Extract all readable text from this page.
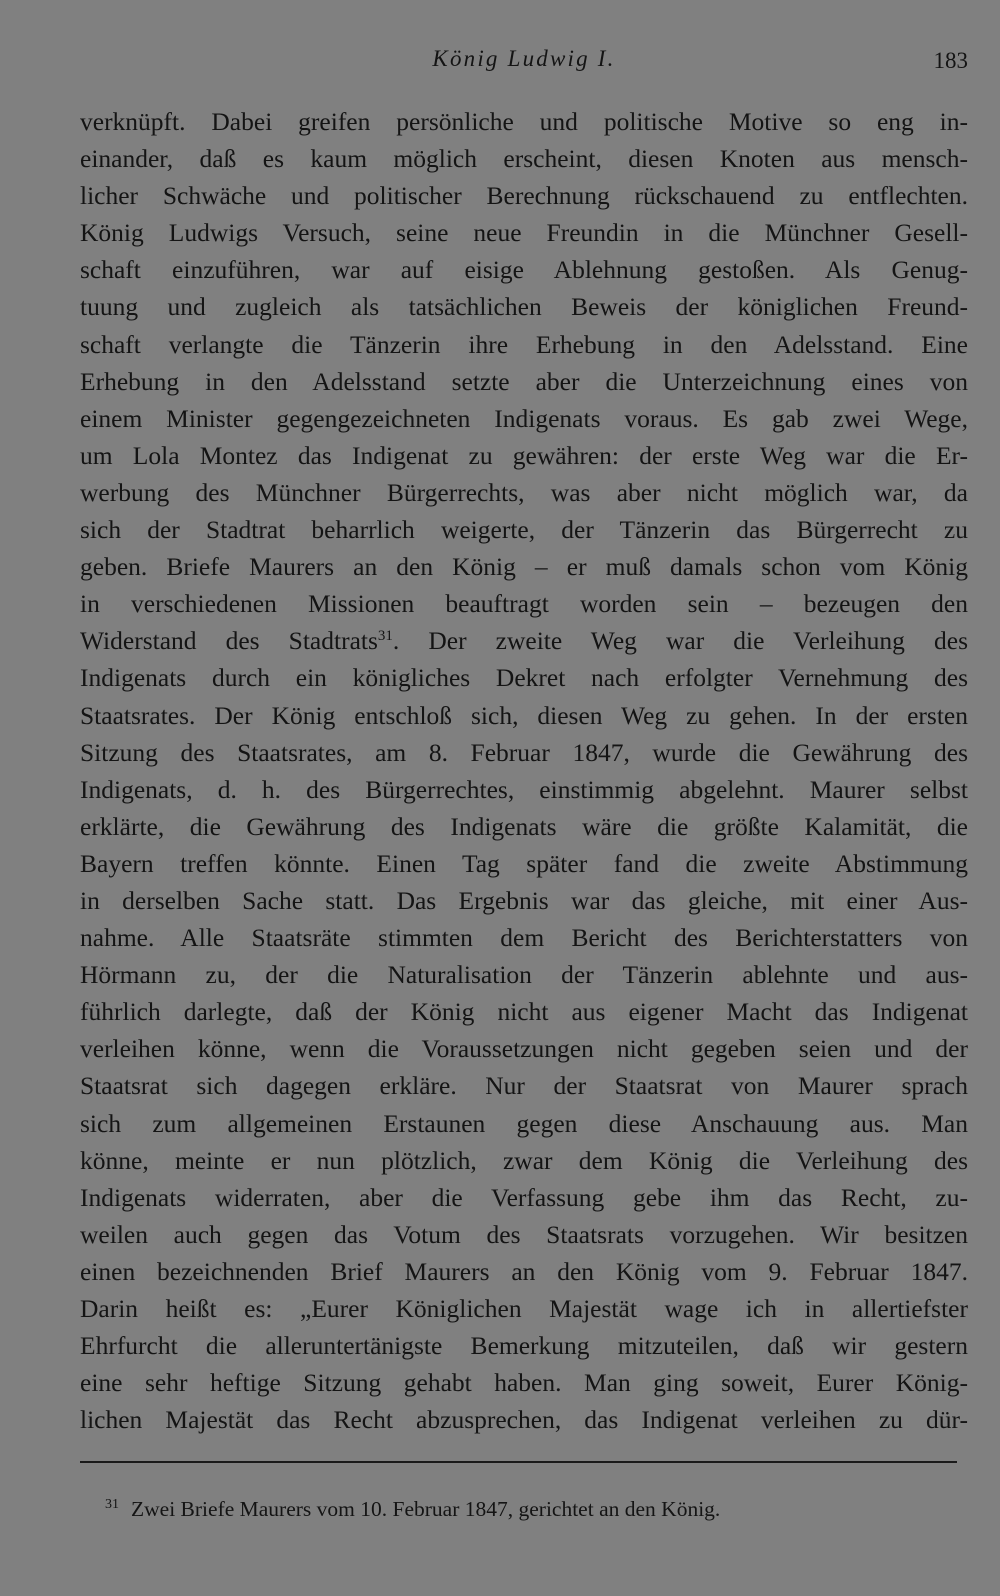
König Ludwig I.	183
verknüpft. Dabei greifen persönliche und politische Motive so eng in-
einander, daß es kaum möglich erscheint, diesen Knoten aus mensch-
licher Schwäche und politischer Berechnung rückschauend zu entflechten.
König Ludwigs Versuch, seine neue Freundin in die Münchner Gesell-
schaft einzuführen, war auf eisige Ablehnung gestoßen. Als Genug-
tuung und zugleich als tatsächlichen Beweis der königlichen Freund-
schaft verlangte die Tänzerin ihre Erhebung in den Adelsstand. Eine
Erhebung in den Adelsstand setzte aber die Unterzeichnung eines von
einem Minister gegengezeichneten Indigenats voraus. Es gab zwei Wege,
um Lola Montez das Indigenat zu gewähren: der erste Weg war die Er-
werbung des Münchner Bürgerrechts, was aber nicht möglich war, da
sich der Stadtrat beharrlich weigerte, der Tänzerin das Bürgerrecht zu
geben. Briefe Maurers an den König – er muß damals schon vom König
in verschiedenen Missionen beauftragt worden sein – bezeugen den
Widerstand des Stadtrats$^{31}$. Der zweite Weg war die Verleihung des
Indigenats durch ein königliches Dekret nach erfolgter Vernehmung des
Staatsrates. Der König entschloß sich, diesen Weg zu gehen. In der ersten
Sitzung des Staatsrates, am 8. Februar 1847, wurde die Gewährung des
Indigenats, d. h. des Bürgerrechtes, einstimmig abgelehnt. Maurer selbst
erklärte, die Gewährung des Indigenats wäre die größte Kalamität, die
Bayern treffen könnte. Einen Tag später fand die zweite Abstimmung
in derselben Sache statt. Das Ergebnis war das gleiche, mit einer Aus-
nahme. Alle Staatsräte stimmten dem Bericht des Berichterstatters von
Hörmann zu, der die Naturalisation der Tänzerin ablehnte und aus-
führlich darlegte, daß der König nicht aus eigener Macht das Indigenat
verleihen könne, wenn die Voraussetzungen nicht gegeben seien und der
Staatsrat sich dagegen erkläre. Nur der Staatsrat von Maurer sprach
sich zum allgemeinen Erstaunen gegen diese Anschauung aus. Man
könne, meinte er nun plötzlich, zwar dem König die Verleihung des
Indigenats widerraten, aber die Verfassung gebe ihm das Recht, zu-
weilen auch gegen das Votum des Staatsrats vorzugehen. Wir besitzen
einen bezeichnenden Brief Maurers an den König vom 9. Februar 1847.
Darin heißt es: „Eurer Königlichen Majestät wage ich in allertiefster
Ehrfurcht die alleruntertänigste Bemerkung mitzuteilen, daß wir gestern
eine sehr heftige Sitzung gehabt haben. Man ging soweit, Eurer König-
lichen Majestät das Recht abzusprechen, das Indigenat verleihen zu dür-
$^{31}$ Zwei Briefe Maurers vom 10. Februar 1847, gerichtet an den König.
